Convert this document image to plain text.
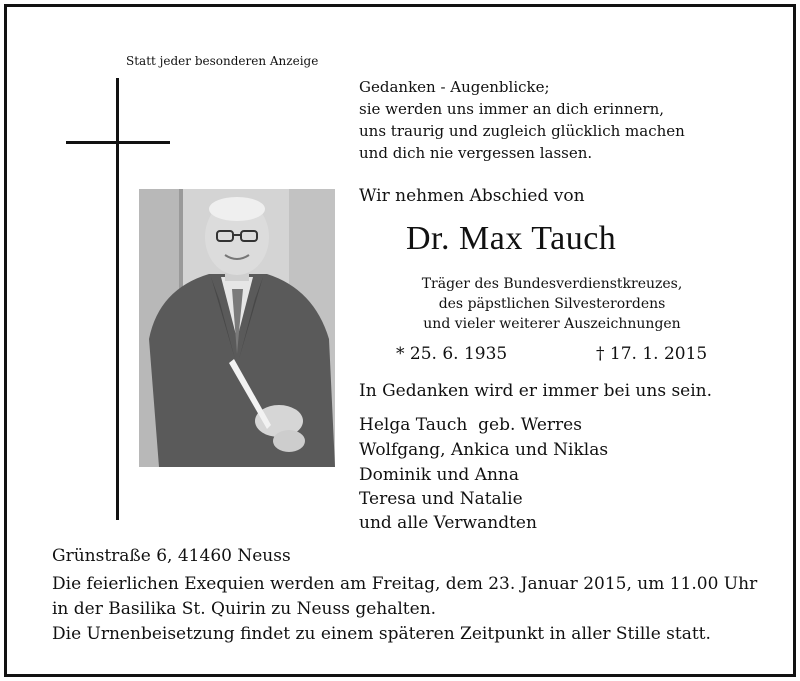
Statt jeder besonderen Anzeige
Gedanken - Augenblicke;
sie werden uns immer an dich erinnern,
uns traurig und zugleich glücklich machen
und dich nie vergessen lassen.
Wir nehmen Abschied von
Dr. Max Tauch
Träger des Bundesverdienstkreuzes,
des päpstlichen Silvesterordens
und vieler weiterer Auszeichnungen
* 25. 6. 1935	† 17. 1. 2015
In Gedanken wird er immer bei uns sein.
Helga Tauch  geb. Werres
Wolfgang, Ankica und Niklas
Dominik und Anna
Teresa und Natalie
und alle Verwandten
Grünstraße 6, 41460 Neuss
Die feierlichen Exequien werden am Freitag, dem 23. Januar 2015, um 11.00 Uhr
in der Basilika St. Quirin zu Neuss gehalten.
Die Urnenbeisetzung findet zu einem späteren Zeitpunkt in aller Stille statt.
